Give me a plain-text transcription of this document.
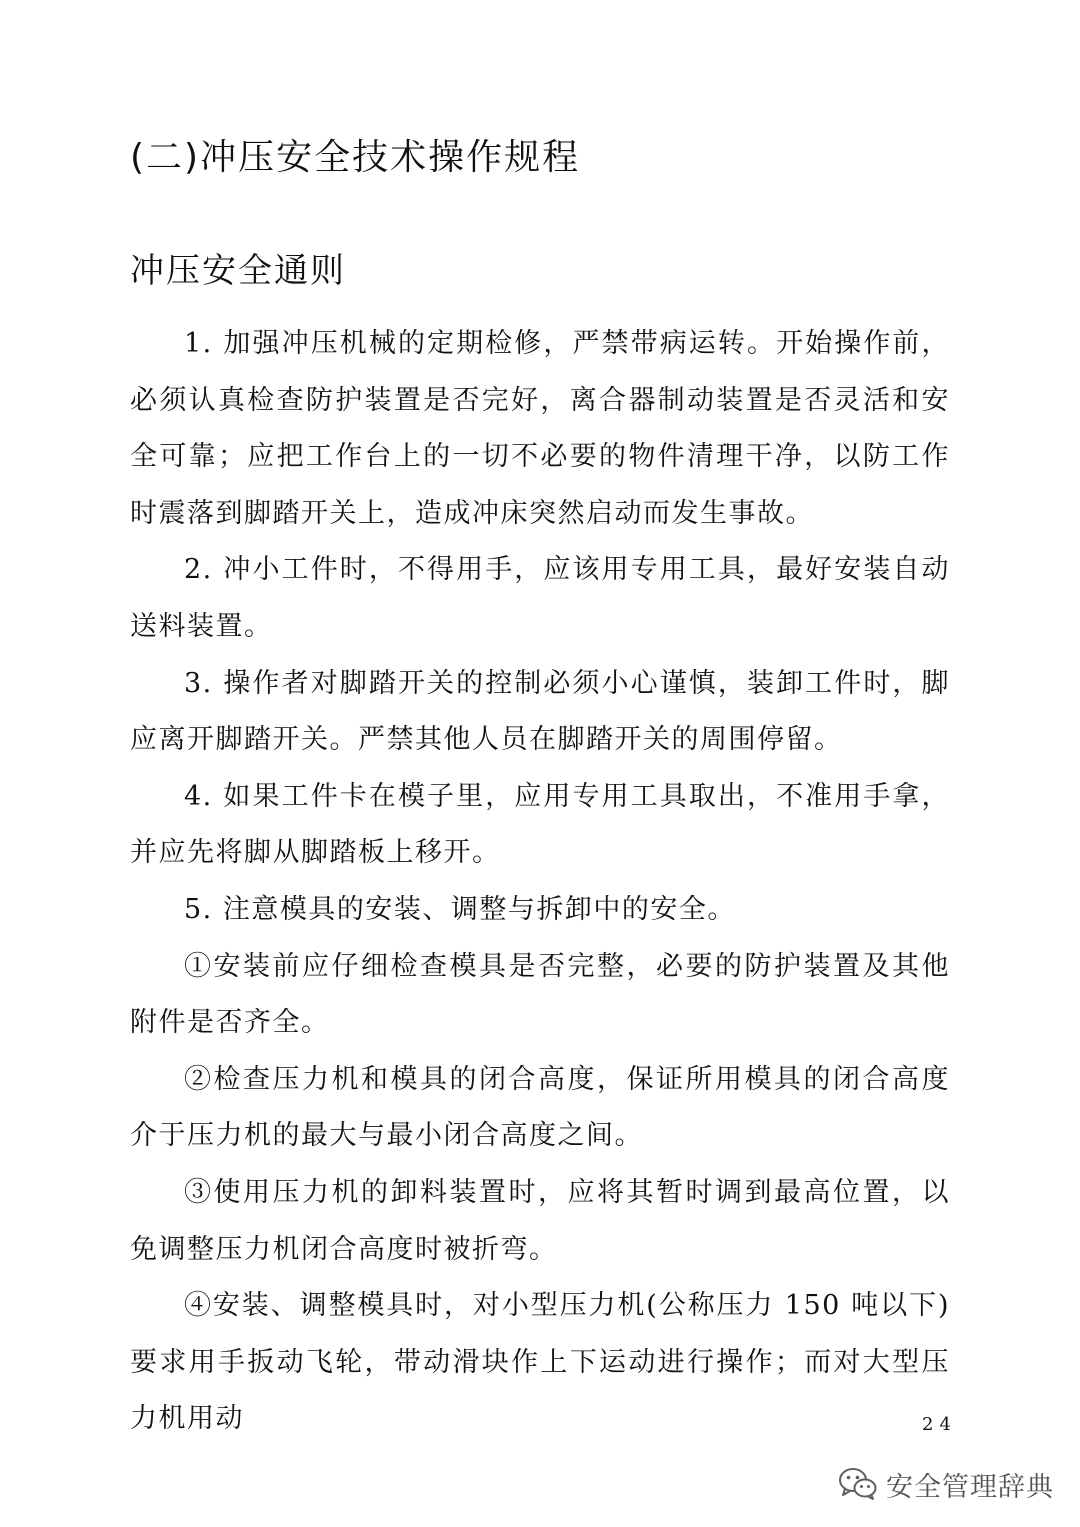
(二)冲压安全技术操作规程
冲压安全通则

1. 加强冲压机械的定期检修，严禁带病运转。开始操作前，必须认真检查防护装置是否完好，离合器制动装置是否灵活和安全可靠；应把工作台上的一切不必要的物件清理干净，以防工作时震落到脚踏开关上，造成冲床突然启动而发生事故。

2. 冲小工件时，不得用手，应该用专用工具，最好安装自动送料装置。

3. 操作者对脚踏开关的控制必须小心谨慎，装卸工件时，脚应离开脚踏开关。严禁其他人员在脚踏开关的周围停留。

4. 如果工件卡在模子里，应用专用工具取出，不准用手拿，并应先将脚从脚踏板上移开。

5. 注意模具的安装、调整与拆卸中的安全。

①安装前应仔细检查模具是否完整，必要的防护装置及其他附件是否齐全。

②检查压力机和模具的闭合高度，保证所用模具的闭合高度介于压力机的最大与最小闭合高度之间。

③使用压力机的卸料装置时，应将其暂时调到最高位置，以免调整压力机闭合高度时被折弯。

④安装、调整模具时，对小型压力机(公称压力 150 吨以下)要求用手扳动飞轮，带动滑块作上下运动进行操作；而对大型压力机用动	24
安全管理辞典
